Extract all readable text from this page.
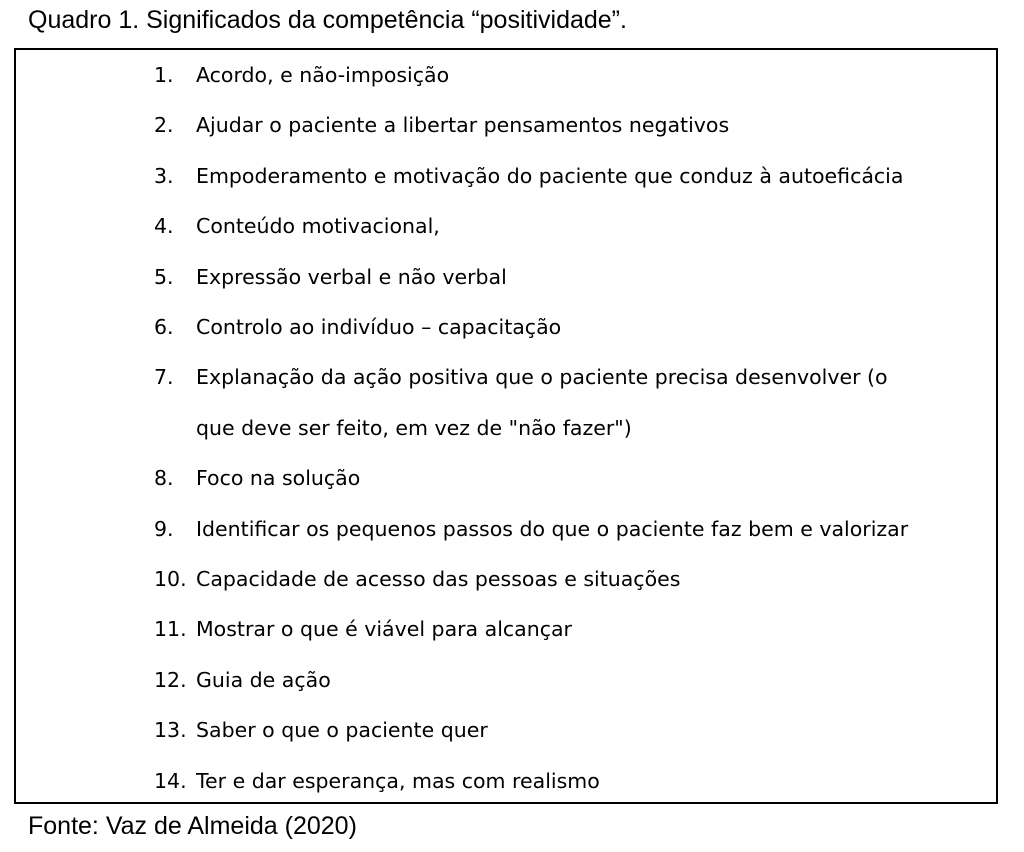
Quadro 1. Significados da competência “positividade”.
1.	Acordo, e não-imposição
2.	Ajudar o paciente a libertar pensamentos negativos
3.	Empoderamento e motivação do paciente que conduz à autoeficácia
4.	Conteúdo motivacional,
5.	Expressão verbal e não verbal
6.	Controlo ao indivíduo – capacitação
7.	Explanação da ação positiva que o paciente precisa desenvolver (o
que deve ser feito, em vez de "não fazer")
8.	Foco na solução
9.	Identificar os pequenos passos do que o paciente faz bem e valorizar
10. Capacidade de acesso das pessoas e situações
11. Mostrar o que é viável para alcançar
12. Guia de ação
13. Saber o que o paciente quer
14. Ter e dar esperança, mas com realismo
Fonte: Vaz de Almeida (2020)
